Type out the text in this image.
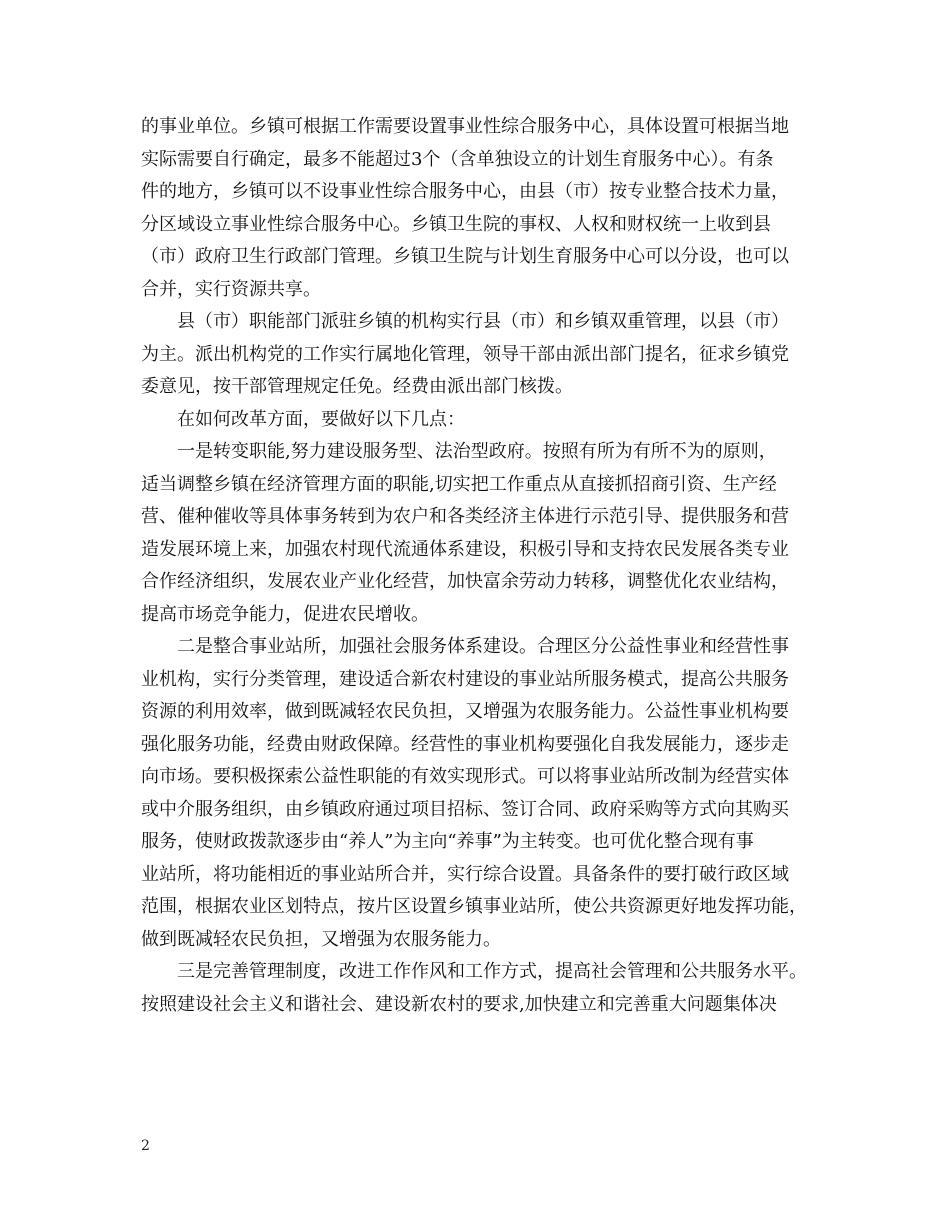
的事业单位。乡镇可根据工作需要设置事业性综合服务中心，具体设置可根据当地
实际需要自行确定，最多不能超过3个（含单独设立的计划生育服务中心）。有条
件的地方，乡镇可以不设事业性综合服务中心，由县（市）按专业整合技术力量，
分区域设立事业性综合服务中心。乡镇卫生院的事权、人权和财权统一上收到县
（市）政府卫生行政部门管理。乡镇卫生院与计划生育服务中心可以分设，也可以
合并，实行资源共享。
　　县（市）职能部门派驻乡镇的机构实行县（市）和乡镇双重管理，以县（市）
为主。派出机构党的工作实行属地化管理，领导干部由派出部门提名，征求乡镇党
委意见，按干部管理规定任免。经费由派出部门核拨。
　　在如何改革方面，要做好以下几点：
　　一是转变职能,努力建设服务型、法治型政府。按照有所为有所不为的原则，
适当调整乡镇在经济管理方面的职能,切实把工作重点从直接抓招商引资、生产经
营、催种催收等具体事务转到为农户和各类经济主体进行示范引导、提供服务和营
造发展环境上来，加强农村现代流通体系建设，积极引导和支持农民发展各类专业
合作经济组织，发展农业产业化经营，加快富余劳动力转移，调整优化农业结构，
提高市场竞争能力，促进农民增收。
　　二是整合事业站所，加强社会服务体系建设。合理区分公益性事业和经营性事
业机构，实行分类管理，建设适合新农村建设的事业站所服务模式，提高公共服务
资源的利用效率，做到既减轻农民负担，又增强为农服务能力。公益性事业机构要
强化服务功能，经费由财政保障。经营性的事业机构要强化自我发展能力，逐步走
向市场。要积极探索公益性职能的有效实现形式。可以将事业站所改制为经营实体
或中介服务组织，由乡镇政府通过项目招标、签订合同、政府采购等方式向其购买
服务，使财政拨款逐步由“养人”为主向“养事”为主转变。也可优化整合现有事
业站所，将功能相近的事业站所合并，实行综合设置。具备条件的要打破行政区域
范围，根据农业区划特点，按片区设置乡镇事业站所，使公共资源更好地发挥功能，
做到既减轻农民负担，又增强为农服务能力。
　　三是完善管理制度，改进工作作风和工作方式，提高社会管理和公共服务水平。
按照建设社会主义和谐社会、建设新农村的要求,加快建立和完善重大问题集体决
2
